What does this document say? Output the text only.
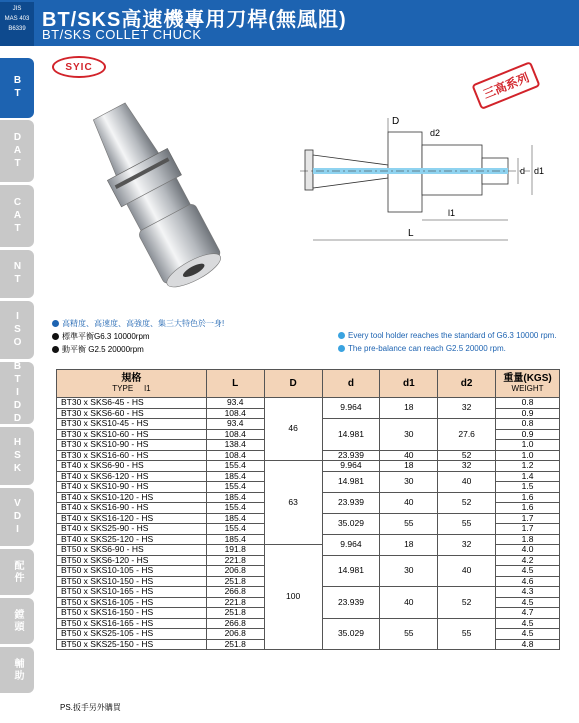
JIS
MAS 403
B6339 BT/SKS高速機專用刀桿(無風阻)
BT/SKS COLLET CHUCK
BT
DAT
CAT
NT
ISO
BTIDD
HSK
VDI
配件
鏜頭
輔助
SYIC
三高系列
D
d2
d d1
l1
L
高精度、高速度、高強度、集三大特色於一身!
標準平衡G6.3 10000rpm
動平衡 G2.5 20000rpm
Every tool holder reaches the standard of G6.3 10000 rpm.
The pre-balance can reach G2.5 20000 rpm.
規格
TYPE l1	L	D	d	d1	d2	重量(KGS)
WEIGHT
BT30 x SKS6-45 - HS	93.4	46	9.964	18	32	0.8
BT30 x SKS6-60 - HS	108.4					0.9
BT30 x SKS10-45 - HS	93.4		14.981	30	27.6	0.8
BT30 x SKS10-60 - HS	108.4					0.9
BT30 x SKS10-90 - HS	138.4					1.0
BT30 x SKS16-60 - HS	108.4		23.939	40	52	1.0
BT40 x SKS6-90 - HS	155.4	63	9.964	18	32	1.2
BT40 x SKS6-120 - HS	185.4		14.981	30	40	1.4
BT40 x SKS10-90 - HS	155.4					1.5
BT40 x SKS10-120 - HS	185.4		23.939	40	52	1.6
BT40 x SKS16-90 - HS	155.4					1.6
BT40 x SKS16-120 - HS	185.4		35.029	55	55	1.7
BT40 x SKS25-90 - HS	155.4					1.7
BT40 x SKS25-120 - HS	185.4		9.964	18	32	1.8
BT50 x SKS6-90 - HS	191.8	100				4.0
BT50 x SKS6-120 - HS	221.8		14.981	30	40	4.2
BT50 x SKS10-105 - HS	206.8					4.5
BT50 x SKS10-150 - HS	251.8					4.6
BT50 x SKS10-165 - HS	266.8		23.939	40	52	4.3
BT50 x SKS16-105 - HS	221.8					4.5
BT50 x SKS16-150 - HS	251.8					4.7
BT50 x SKS16-165 - HS	266.8		35.029	55	55	4.5
BT50 x SKS25-105 - HS	206.8					4.5
BT50 x SKS25-150 - HS	251.8					4.8
PS.扳手另外購買
